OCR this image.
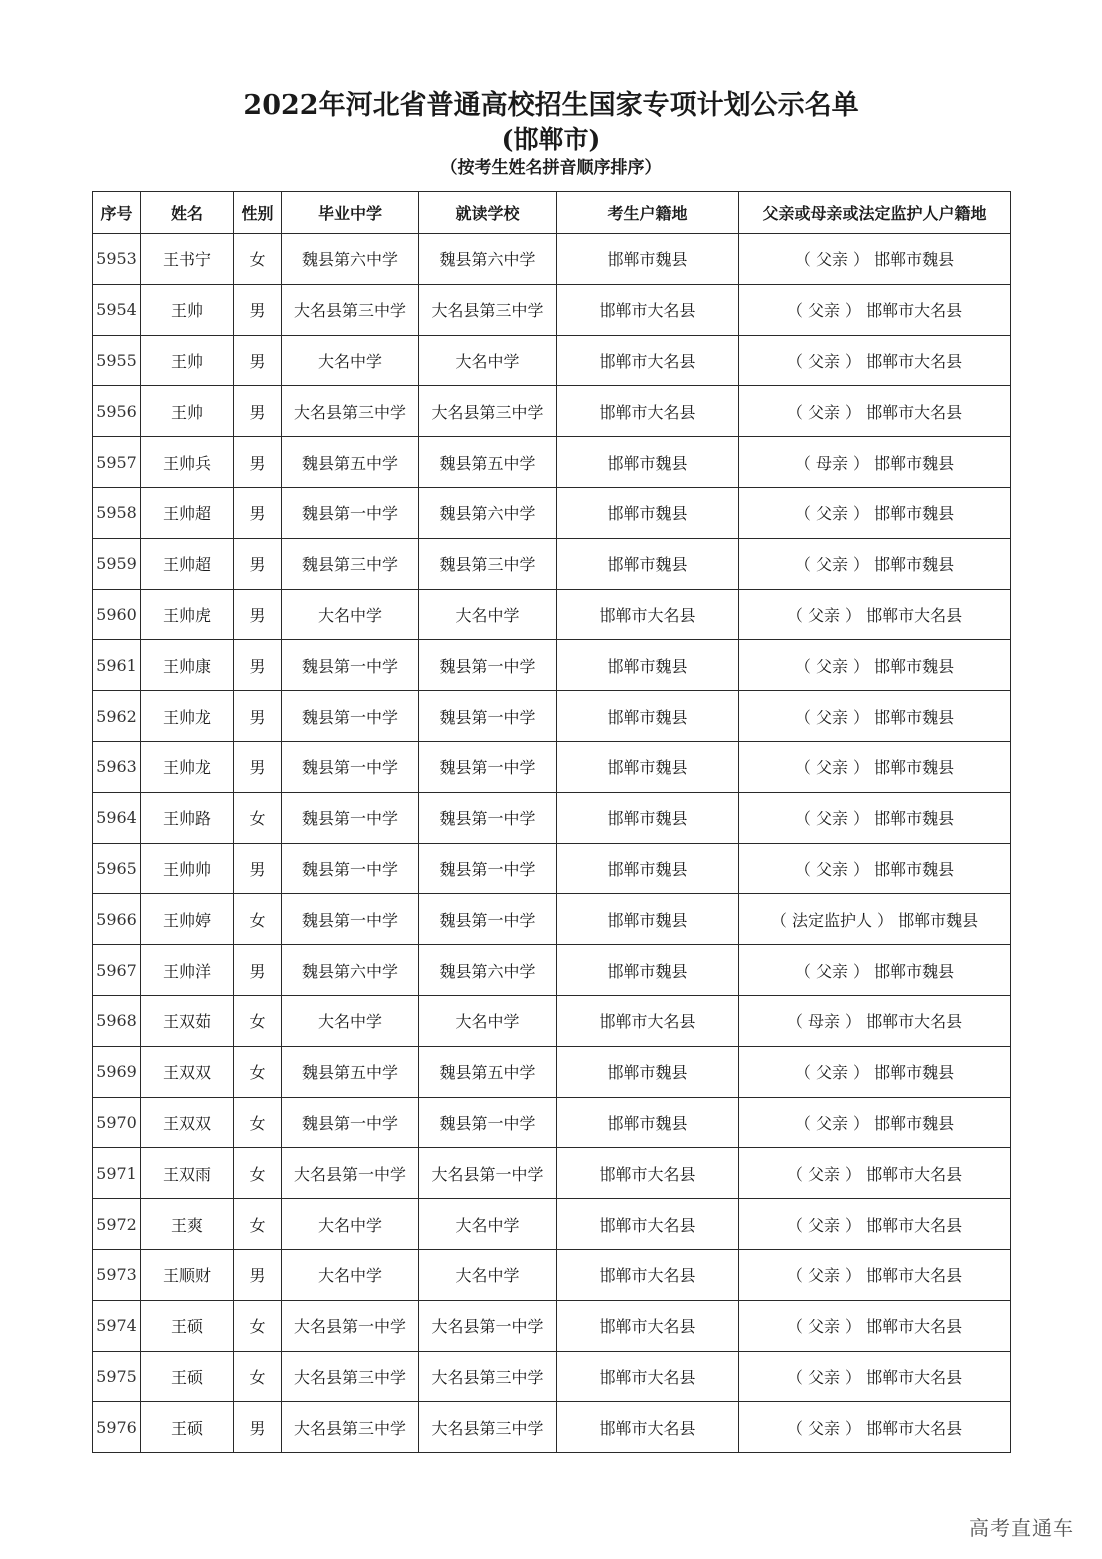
2022年河北省普通高校招生国家专项计划公示名单
(邯郸市)
（按考生姓名拼音顺序排序）
序号	姓名	性别	毕业中学	就读学校	考生户籍地	父亲或母亲或法定监护人户籍地
5953	王书宁	女	魏县第六中学	魏县第六中学	邯郸市魏县	（ 父亲 ） 邯郸市魏县
5954	王帅	男	大名县第三中学	大名县第三中学	邯郸市大名县	（ 父亲 ） 邯郸市大名县
5955	王帅	男	大名中学	大名中学	邯郸市大名县	（ 父亲 ） 邯郸市大名县
5956	王帅	男	大名县第三中学	大名县第三中学	邯郸市大名县	（ 父亲 ） 邯郸市大名县
5957	王帅兵	男	魏县第五中学	魏县第五中学	邯郸市魏县	（ 母亲 ） 邯郸市魏县
5958	王帅超	男	魏县第一中学	魏县第六中学	邯郸市魏县	（ 父亲 ） 邯郸市魏县
5959	王帅超	男	魏县第三中学	魏县第三中学	邯郸市魏县	（ 父亲 ） 邯郸市魏县
5960	王帅虎	男	大名中学	大名中学	邯郸市大名县	（ 父亲 ） 邯郸市大名县
5961	王帅康	男	魏县第一中学	魏县第一中学	邯郸市魏县	（ 父亲 ） 邯郸市魏县
5962	王帅龙	男	魏县第一中学	魏县第一中学	邯郸市魏县	（ 父亲 ） 邯郸市魏县
5963	王帅龙	男	魏县第一中学	魏县第一中学	邯郸市魏县	（ 父亲 ） 邯郸市魏县
5964	王帅路	女	魏县第一中学	魏县第一中学	邯郸市魏县	（ 父亲 ） 邯郸市魏县
5965	王帅帅	男	魏县第一中学	魏县第一中学	邯郸市魏县	（ 父亲 ） 邯郸市魏县
5966	王帅婷	女	魏县第一中学	魏县第一中学	邯郸市魏县	（ 法定监护人 ） 邯郸市魏县
5967	王帅洋	男	魏县第六中学	魏县第六中学	邯郸市魏县	（ 父亲 ） 邯郸市魏县
5968	王双茹	女	大名中学	大名中学	邯郸市大名县	（ 母亲 ） 邯郸市大名县
5969	王双双	女	魏县第五中学	魏县第五中学	邯郸市魏县	（ 父亲 ） 邯郸市魏县
5970	王双双	女	魏县第一中学	魏县第一中学	邯郸市魏县	（ 父亲 ） 邯郸市魏县
5971	王双雨	女	大名县第一中学	大名县第一中学	邯郸市大名县	（ 父亲 ） 邯郸市大名县
5972	王爽	女	大名中学	大名中学	邯郸市大名县	（ 父亲 ） 邯郸市大名县
5973	王顺财	男	大名中学	大名中学	邯郸市大名县	（ 父亲 ） 邯郸市大名县
5974	王硕	女	大名县第一中学	大名县第一中学	邯郸市大名县	（ 父亲 ） 邯郸市大名县
5975	王硕	女	大名县第三中学	大名县第三中学	邯郸市大名县	（ 父亲 ） 邯郸市大名县
5976	王硕	男	大名县第三中学	大名县第三中学	邯郸市大名县	（ 父亲 ） 邯郸市大名县
高考直通车
